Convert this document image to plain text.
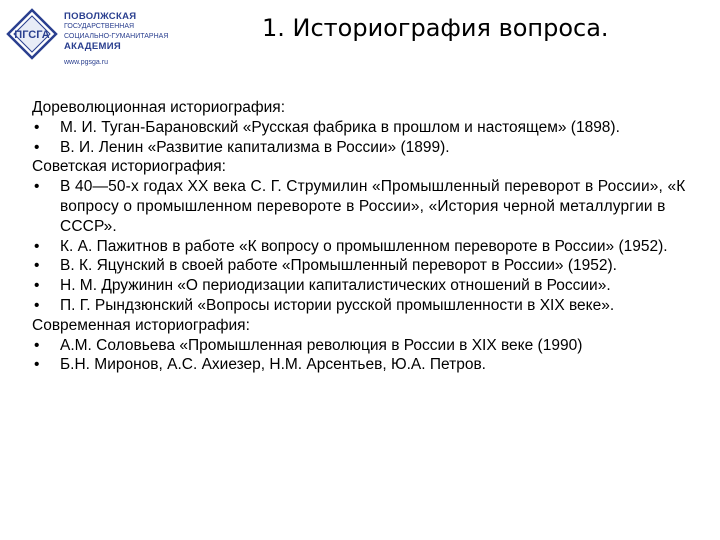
ПГСГА
ПОВОЛЖСКАЯ
ГОСУДАРСТВЕННАЯ
СОЦИАЛЬНО-ГУМАНИТАРНАЯ
АКАДЕМИЯ
www.pgsga.ru
1. Историография вопроса.

Дореволюционная историография:

• М. И. Туган-Барановский «Русская фабрика в прошлом и настоящем» (1898).

• В. И. Ленин «Развитие капитализма в России» (1899).

Советская историография:

• В 40—50-х годах XX века С. Г. Струмилин «Промышленный переворот в России», «К вопросу о промышленном перевороте в России», «История черной металлургии в СССР».

• К. А. Пажитнов в работе «К вопросу о промышленном перевороте в России» (1952).

• В. К. Яцунский в своей работе «Промышленный переворот в России» (1952).

• Н. М. Дружинин «О периодизации капиталистических отношений в России».

• П. Г. Рындзюнский «Вопросы истории русской промышленности в XIX веке».

Современная историография:

• А.М. Соловьева «Промышленная революция в России в XIX веке (1990)

• Б.Н. Миронов, А.С. Ахиезер, Н.М. Арсентьев, Ю.А. Петров.
